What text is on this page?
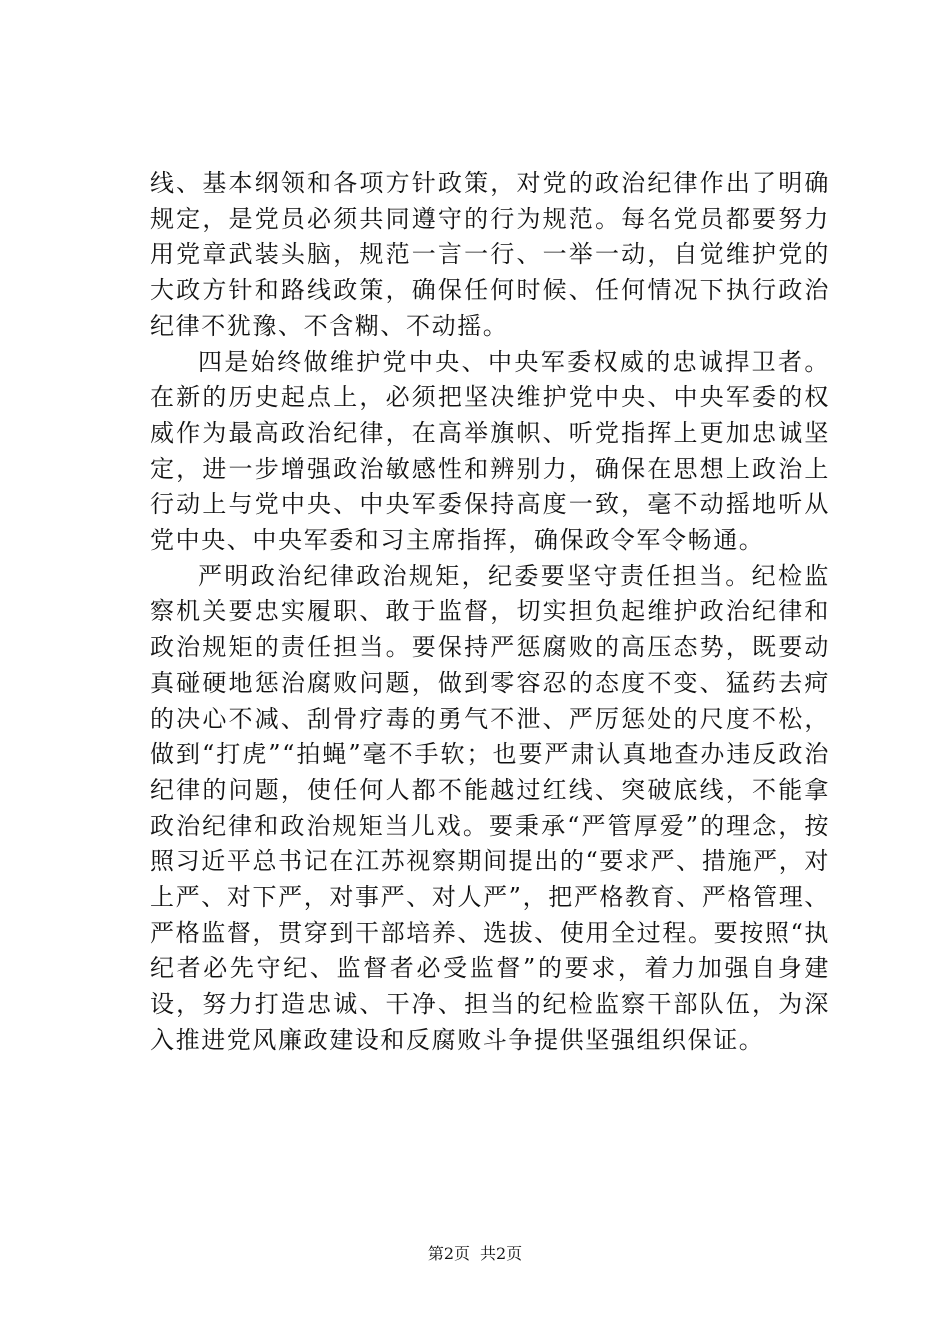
线、基本纲领和各项方针政策，对党的政治纪律作出了明确规定，是党员必须共同遵守的行为规范。每名党员都要努力用党章武装头脑，规范一言一行、一举一动，自觉维护党的大政方针和路线政策，确保任何时候、任何情况下执行政治纪律不犹豫、不含糊、不动摇。

四是始终做维护党中央、中央军委权威的忠诚捍卫者。在新的历史起点上，必须把坚决维护党中央、中央军委的权威作为最高政治纪律，在高举旗帜、听党指挥上更加忠诚坚定，进一步增强政治敏感性和辨别力，确保在思想上政治上行动上与党中央、中央军委保持高度一致，毫不动摇地听从党中央、中央军委和习主席指挥，确保政令军令畅通。

严明政治纪律政治规矩，纪委要坚守责任担当。纪检监察机关要忠实履职、敢于监督，切实担负起维护政治纪律和政治规矩的责任担当。要保持严惩腐败的高压态势，既要动真碰硬地惩治腐败问题，做到零容忍的态度不变、猛药去疴的决心不减、刮骨疗毒的勇气不泄、严厉惩处的尺度不松，做到“打虎”“拍蝇”毫不手软；也要严肃认真地查办违反政治纪律的问题，使任何人都不能越过红线、突破底线，不能拿政治纪律和政治规矩当儿戏。要秉承“严管厚爱”的理念，按照习近平总书记在江苏视察期间提出的“要求严、措施严，对上严、对下严，对事严、对人严”，把严格教育、严格管理、严格监督，贯穿到干部培养、选拔、使用全过程。要按照“执纪者必先守纪、监督者必受监督”的要求，着力加强自身建设，努力打造忠诚、干净、担当的纪检监察干部队伍，为深入推进党风廉政建设和反腐败斗争提供坚强组织保证。

第2页 共2页
